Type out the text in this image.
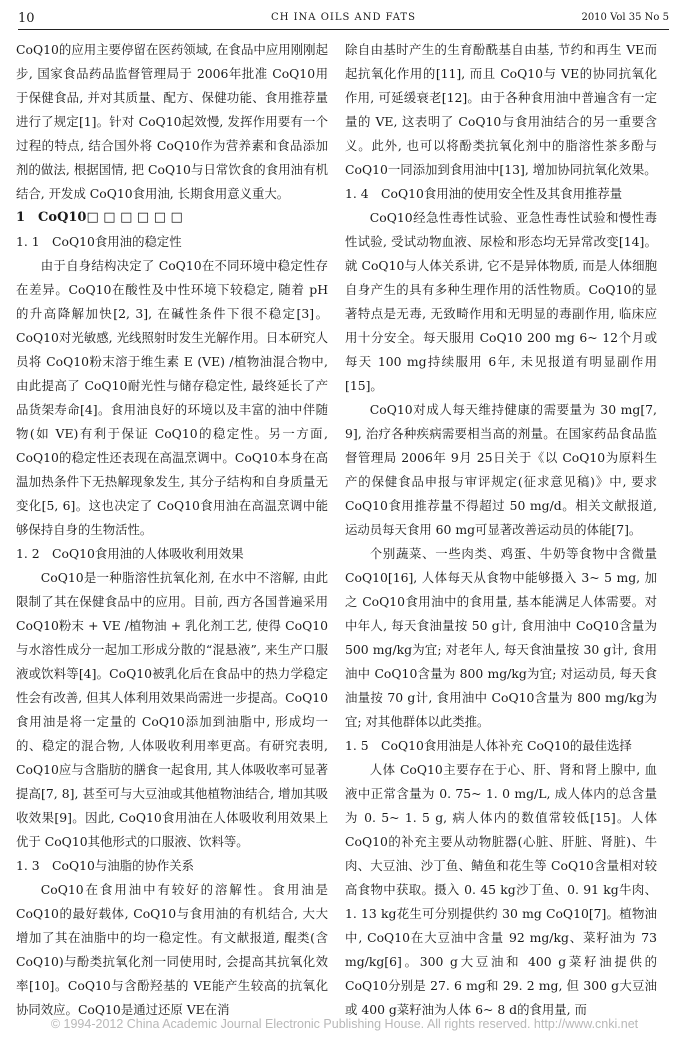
10	CH INA OILS AND FATS	2010 Vol 35 No 5

CoQ10的应用主要停留在医药领域, 在食品中应用刚刚起步, 国家食品药品监督管理局于 2006年批准 CoQ10用于保健食品, 并对其质量、配方、保健功能、食用推荐量进行了规定[1]。针对 CoQ10起效慢, 发挥作用要有一个过程的特点, 结合国外将 CoQ10作为营养素和食品添加剂的做法, 根据国情, 把 CoQ10与日常饮食的食用油有机结合, 开发成 CoQ10食用油, 长期食用意义重大。

1　CoQ10□ □ □ □ □ □

1. 1　CoQ10食用油的稳定性

由于自身结构决定了 CoQ10在不同环境中稳定性存在差异。CoQ10在酸性及中性环境下较稳定, 随着 pH 的升高降解加快[2, 3], 在碱性条件下很不稳定[3]。CoQ10对光敏感, 光线照射时发生光解作用。日本研究人员将 CoQ10粉末溶于维生素 E (VE) /植物油混合物中, 由此提高了 CoQ10耐光性与储存稳定性, 最终延长了产品货架寿命[4]。食用油良好的环境以及丰富的油中伴随物(如 VE)有利于保证 CoQ10的稳定性。另一方面, CoQ10的稳定性还表现在高温烹调中。CoQ10本身在高温加热条件下无热解现象发生, 其分子结构和自身质量无变化[5, 6]。这也决定了 CoQ10食用油在高温烹调中能够保持自身的生物活性。

1. 2　CoQ10食用油的人体吸收利用效果

CoQ10是一种脂溶性抗氧化剂, 在水中不溶解, 由此限制了其在保健食品中的应用。目前, 西方各国普遍采用 CoQ10粉末 + VE /植物油 + 乳化剂工艺, 使得 CoQ10与水溶性成分一起加工形成分散的“混悬液”, 来生产口服液或饮料等[4]。CoQ10被乳化后在食品中的热力学稳定性会有改善, 但其人体利用效果尚需进一步提高。CoQ10食用油是将一定量的 CoQ10添加到油脂中, 形成均一的、稳定的混合物, 人体吸收利用率更高。有研究表明, CoQ10应与含脂肪的膳食一起食用, 其人体吸收率可显著提高[7, 8], 甚至可与大豆油或其他植物油结合, 增加其吸收效果[9]。因此, CoQ10食用油在人体吸收利用效果上优于 CoQ10其他形式的口服液、饮料等。

1. 3　CoQ10与油脂的协作关系

CoQ10在食用油中有较好的溶解性。食用油是 CoQ10的最好载体, CoQ10与食用油的有机结合, 大大增加了其在油脂中的均一稳定性。有文献报道, 醌类(含 CoQ10)与酚类抗氧化剂一同使用时, 会提高其抗氧化效率[10]。CoQ10与含酚羟基的 VE能产生较高的抗氧化协同效应。CoQ10是通过还原 VE在消

除自由基时产生的生育酚酰基自由基, 节约和再生 VE而起抗氧化作用的[11], 而且 CoQ10与 VE的协同抗氧化作用, 可延缓衰老[12]。由于各种食用油中普遍含有一定量的 VE, 这表明了 CoQ10与食用油结合的另一重要含义。此外, 也可以将酚类抗氧化剂中的脂溶性茶多酚与 CoQ10一同添加到食用油中[13], 增加协同抗氧化效果。

1. 4　CoQ10食用油的使用安全性及其食用推荐量

CoQ10经急性毒性试验、亚急性毒性试验和慢性毒性试验, 受试动物血液、尿检和形态均无异常改变[14]。就 CoQ10与人体关系讲, 它不是异体物质, 而是人体细胞自身产生的具有多种生理作用的活性物质。CoQ10的显著特点是无毒, 无致畸作用和无明显的毒副作用, 临床应用十分安全。每天服用 CoQ10 200 mg 6~ 12个月或每天 100 mg持续服用 6年, 未见报道有明显副作用[15]。

CoQ10对成人每天维持健康的需要量为 30 mg[7, 9], 治疗各种疾病需要相当高的剂量。在国家药品食品监督管理局 2006年 9月 25日关于《以 CoQ10为原料生产的保健食品申报与审评规定(征求意见稿)》中, 要求 CoQ10食用推荐量不得超过 50 mg/d。相关文献报道, 运动员每天食用 60 mg可显著改善运动员的体能[7]。

个别蔬菜、一些肉类、鸡蛋、牛奶等食物中含微量 CoQ10[16], 人体每天从食物中能够摄入 3~ 5 mg, 加之 CoQ10食用油中的食用量, 基本能满足人体需要。对中年人, 每天食油量按 50 g计, 食用油中 CoQ10含量为 500 mg/kg为宜; 对老年人, 每天食油量按 30 g计, 食用油中 CoQ10含量为 800 mg/kg为宜; 对运动员, 每天食油量按 70 g计, 食用油中 CoQ10含量为 800 mg/kg为宜; 对其他群体以此类推。

1. 5　CoQ10食用油是人体补充 CoQ10的最佳选择

人体 CoQ10主要存在于心、肝、肾和肾上腺中, 血液中正常含量为 0. 75~ 1. 0 mg/L, 成人体内的总含量为 0. 5~ 1. 5 g, 病人体内的数值常较低[15]。人体 CoQ10的补充主要从动物脏器(心脏、肝脏、肾脏)、牛肉、大豆油、沙丁鱼、鲭鱼和花生等 CoQ10含量相对较高食物中获取。摄入 0. 45 kg沙丁鱼、0. 91 kg牛肉、1. 13 kg花生可分别提供约 30 mg CoQ10[7]。植物油中, CoQ10在大豆油中含量 92 mg/kg、菜籽油为 73 mg/kg[6]。300 g大豆油和 400 g菜籽油提供的 CoQ10分别是 27. 6 mg和 29. 2 mg, 但 300 g大豆油或 400 g菜籽油为人体 6~ 8 d的食用量, 而

© 1994-2012 China Academic Journal Electronic Publishing House. All rights reserved. http://www.cnki.net
